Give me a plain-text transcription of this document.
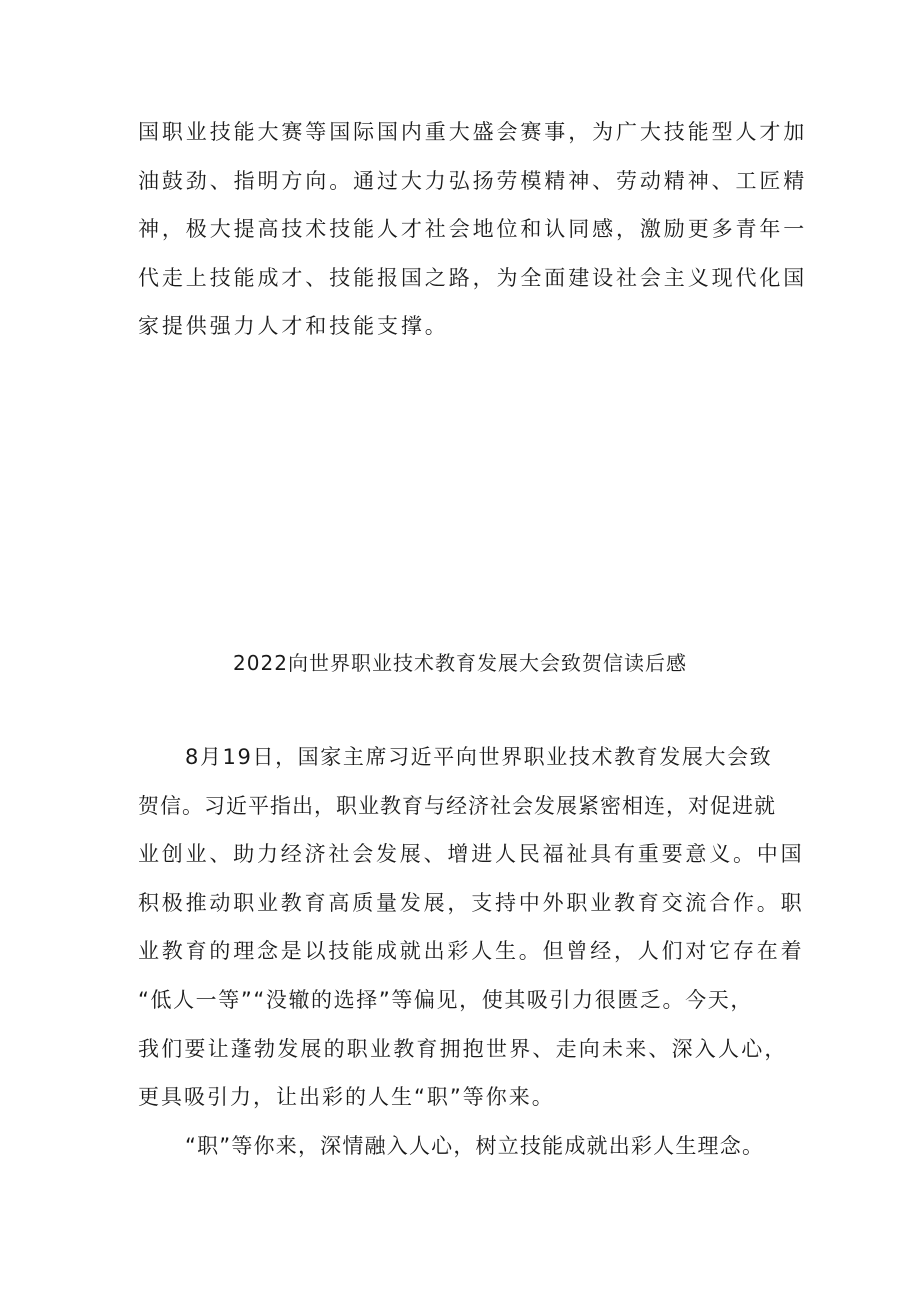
国职业技能大赛等国际国内重大盛会赛事，为广大技能型人才加
油鼓劲、指明方向。通过大力弘扬劳模精神、劳动精神、工匠精
神，极大提高技术技能人才社会地位和认同感，激励更多青年一
代走上技能成才、技能报国之路，为全面建设社会主义现代化国
家提供强力人才和技能支撑。
2022向世界职业技术教育发展大会致贺信读后感
8月19日，国家主席习近平向世界职业技术教育发展大会致
贺信。习近平指出，职业教育与经济社会发展紧密相连，对促进就
业创业、助力经济社会发展、增进人民福祉具有重要意义。中国
积极推动职业教育高质量发展，支持中外职业教育交流合作。职
业教育的理念是以技能成就出彩人生。但曾经，人们对它存在着
“低人一等”“没辙的选择”等偏见，使其吸引力很匮乏。今天，
我们要让蓬勃发展的职业教育拥抱世界、走向未来、深入人心，
更具吸引力，让出彩的人生“职”等你来。
“职”等你来，深情融入人心，树立技能成就出彩人生理念。
